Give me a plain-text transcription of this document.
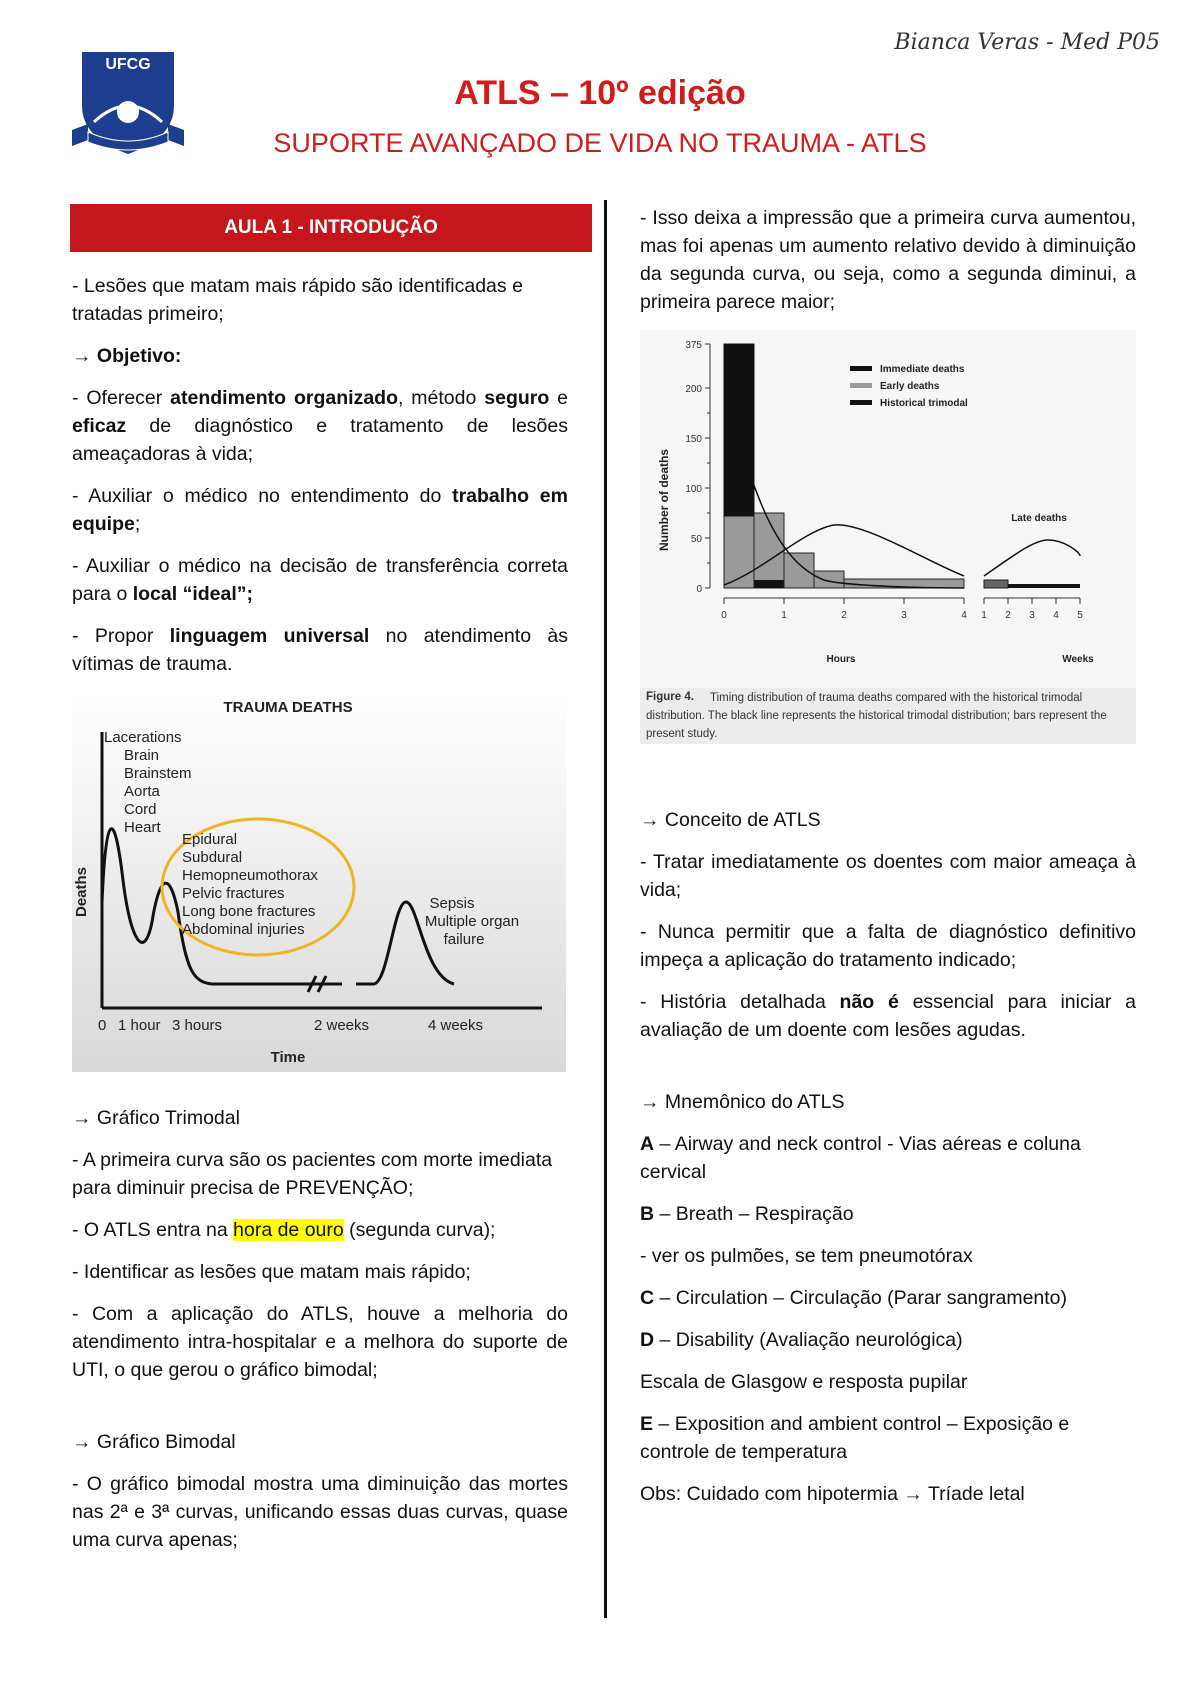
Bianca Veras - Med P05
UFCG
ATLS – 10º edição
SUPORTE AVANÇADO DE VIDA NO TRAUMA - ATLS
AULA 1 - INTRODUÇÃO

- Lesões que matam mais rápido são identificadas e tratadas primeiro;

→ Objetivo:

- Oferecer atendimento organizado, método seguro e eficaz de diagnóstico e tratamento de lesões ameaçadoras à vida;

- Auxiliar o médico no entendimento do trabalho em equipe;

- Auxiliar o médico na decisão de transferência correta para o local “ideal”;

- Propor linguagem universal no atendimento às vítimas de trauma.

TRAUMA DEATHS
Deaths
Time
Lacerations
Brain
Brainstem
Aorta
Cord
Heart
Epidural
Subdural
Hemopneumothorax
Pelvic fractures
Long bone fractures
Abdominal injuries
Sepsis
Multiple organ
failure
0 1 hour 3 hours	2 weeks	4 weeks

→ Gráfico Trimodal

- A primeira curva são os pacientes com morte imediata para diminuir precisa de PREVENÇÃO;

- O ATLS entra na hora de ouro (segunda curva);

- Identificar as lesões que matam mais rápido;

- Com a aplicação do ATLS, houve a melhoria do atendimento intra-hospitalar e a melhora do suporte de UTI, o que gerou o gráfico bimodal;

→ Gráfico Bimodal

- O gráfico bimodal mostra uma diminuição das mortes nas 2ª e 3ª curvas, unificando essas duas curvas, quase uma curva apenas;

- Isso deixa a impressão que a primeira curva aumentou, mas foi apenas um aumento relativo devido à diminuição da segunda curva, ou seja, como a segunda diminui, a primeira parece maior;

Number of deaths
Hours	Weeks
Late deaths
Immediate deaths
Early deaths
Historical trimodal
Figure 4.	Timing distribution of trauma deaths compared with the historical trimodal distribution. The black line represents the historical trimodal distribution; bars represent the present study.
0
50
100
150
200
375
0	1	2	3	4 1 2 3 4 5

→ Conceito de ATLS

- Tratar imediatamente os doentes com maior ameaça à vida;

- Nunca permitir que a falta de diagnóstico definitivo impeça a aplicação do tratamento indicado;

- História detalhada não é essencial para iniciar a avaliação de um doente com lesões agudas.

→ Mnemônico do ATLS

A – Airway and neck control - Vias aéreas e coluna cervical

B – Breath – Respiração

- ver os pulmões, se tem pneumotórax

C – Circulation – Circulação (Parar sangramento)

D – Disability (Avaliação neurológica)

Escala de Glasgow e resposta pupilar

E – Exposition and ambient control – Exposição e controle de temperatura

Obs: Cuidado com hipotermia → Tríade letal
